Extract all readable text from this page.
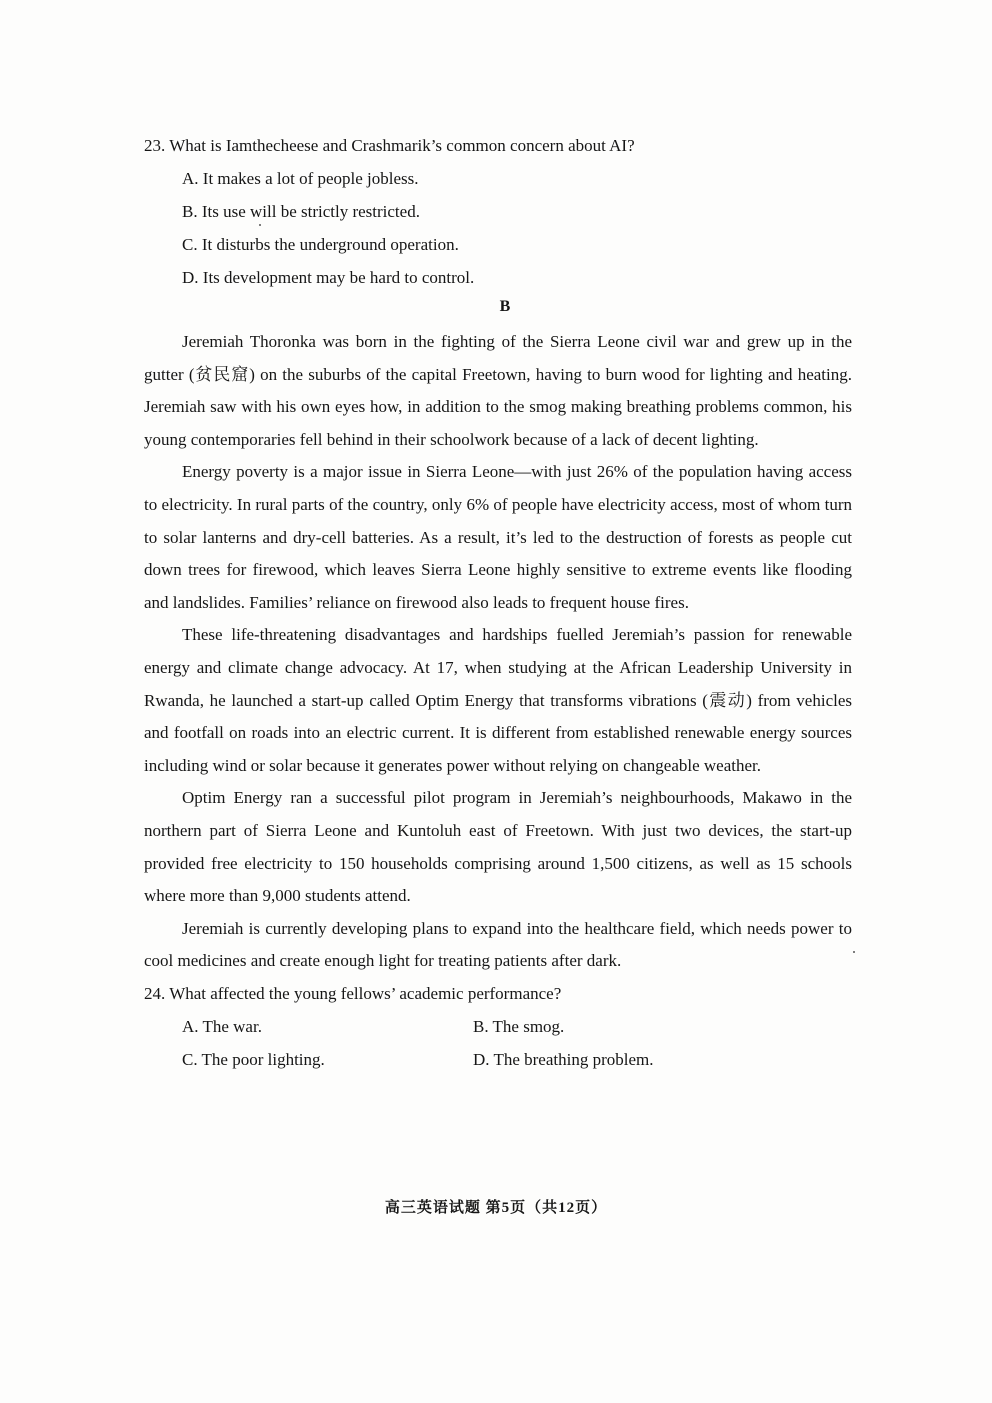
23. What is Iamthecheese and Crashmarik’s common concern about AI?

A. It makes a lot of people jobless.

B. Its use will be strictly restricted.

C. It disturbs the underground operation.

D. Its development may be hard to control.

B

Jeremiah Thoronka was born in the fighting of the Sierra Leone civil war and grew up in the gutter (贫民窟) on the suburbs of the capital Freetown, having to burn wood for lighting and heating. Jeremiah saw with his own eyes how, in addition to the smog making breathing problems common, his young contemporaries fell behind in their schoolwork because of a lack of decent lighting.

Energy poverty is a major issue in Sierra Leone—with just 26% of the population having access to electricity. In rural parts of the country, only 6% of people have electricity access, most of whom turn to solar lanterns and dry-cell batteries. As a result, it’s led to the destruction of forests as people cut down trees for firewood, which leaves Sierra Leone highly sensitive to extreme events like flooding and landslides. Families’ reliance on firewood also leads to frequent house fires.

These life-threatening disadvantages and hardships fuelled Jeremiah’s passion for renewable energy and climate change advocacy. At 17, when studying at the African Leadership University in Rwanda, he launched a start-up called Optim Energy that transforms vibrations (震动) from vehicles and footfall on roads into an electric current. It is different from established renewable energy sources including wind or solar because it generates power without relying on changeable weather.

Optim Energy ran a successful pilot program in Jeremiah’s neighbourhoods, Makawo in the northern part of Sierra Leone and Kuntoluh east of Freetown. With just two devices, the start-up provided free electricity to 150 households comprising around 1,500 citizens, as well as 15 schools where more than 9,000 students attend.

Jeremiah is currently developing plans to expand into the healthcare field, which needs power to cool medicines and create enough light for treating patients after dark.

24. What affected the young fellows’ academic performance?

A. The war.	B. The smog.
C. The poor lighting.	D. The breathing problem.
高三英语试题 第5页（共12页）
